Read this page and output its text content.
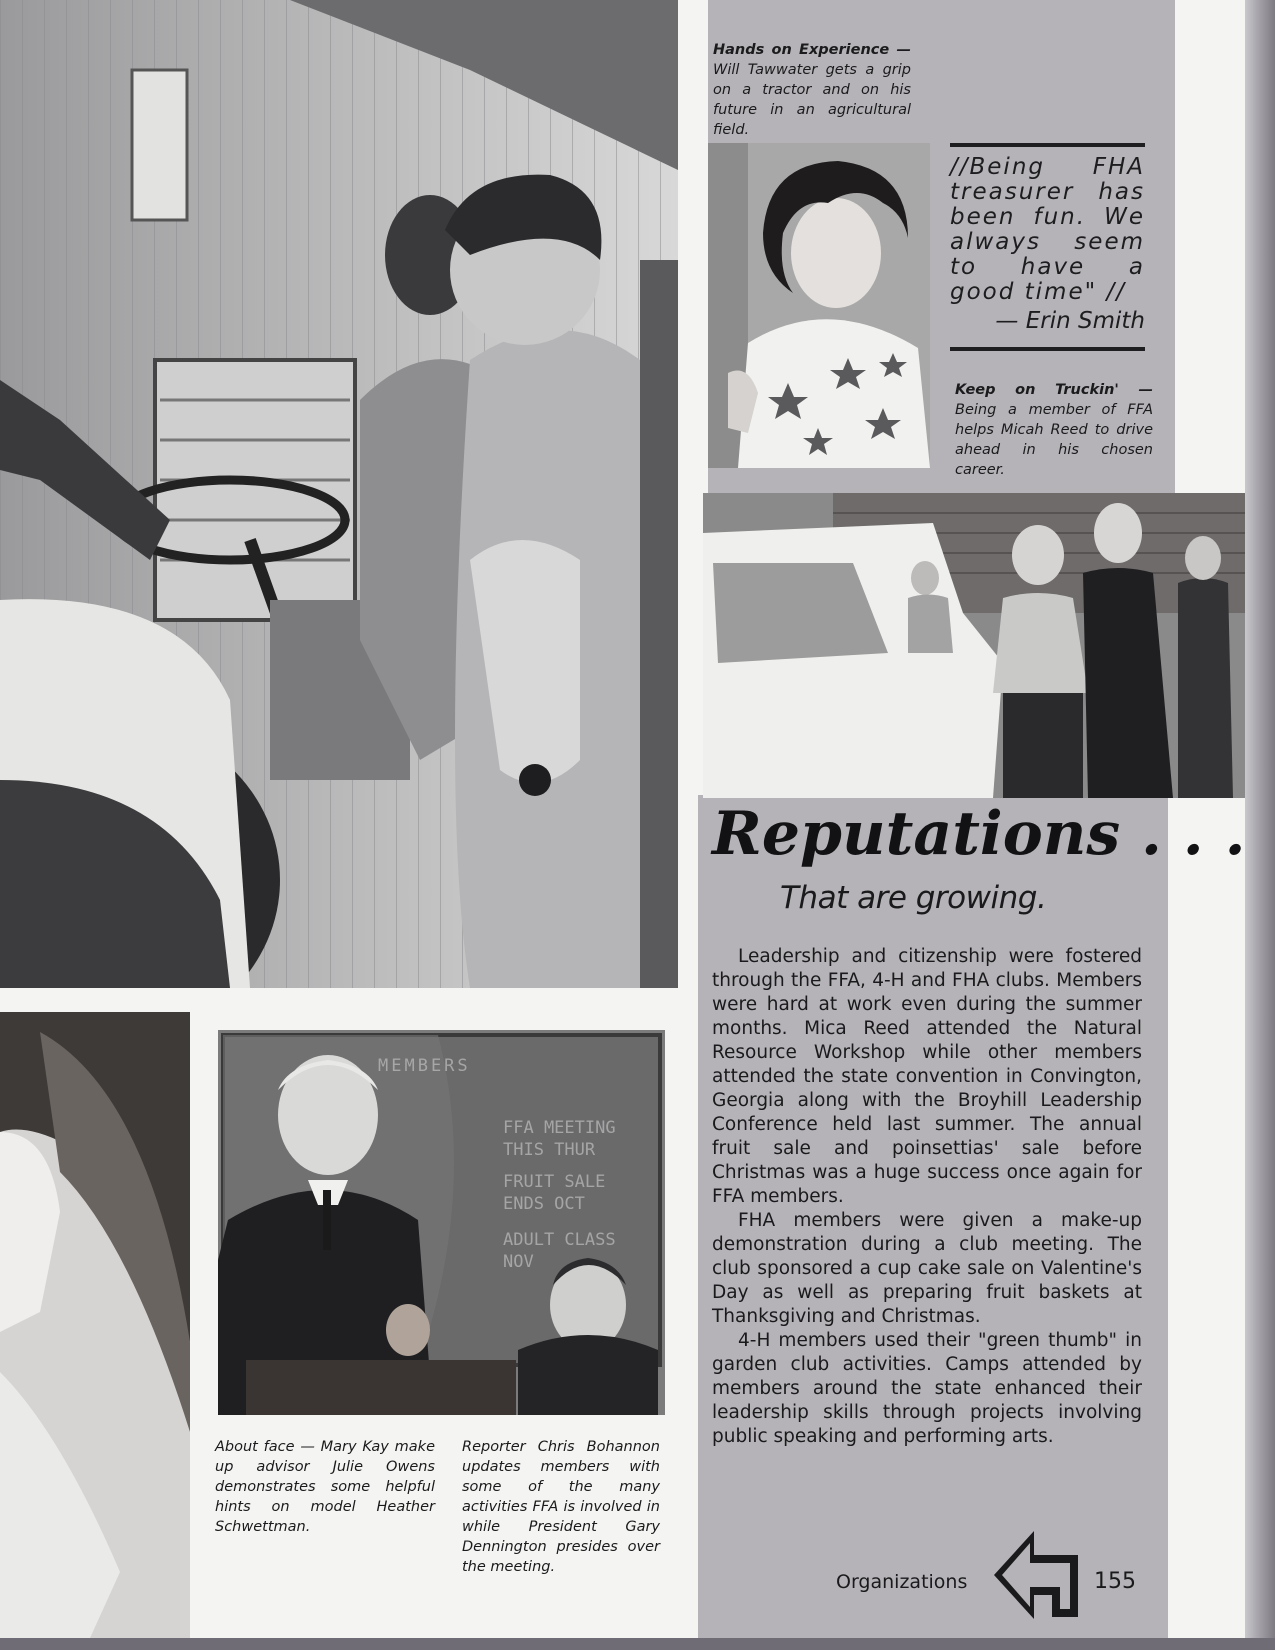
MEMBERS
FFA MEETING
THIS THUR
FRUIT SALE
ENDS OCT
ADULT CLASS
NOV
Hands on Experience — Will Tawwater gets a grip on a tractor and on his future in an agricultural field.
//Being FHA treasurer has been fun. We always seem to have a good time" //
— Erin Smith
Keep on Truckin' — Being a member of FFA helps Micah Reed to drive ahead in his chosen career.
Reputations . . .
That are growing.

Leadership and citizenship were fostered through the FFA, 4-H and FHA clubs. Members were hard at work even during the summer months. Mica Reed attended the Natural Resource Workshop while other members attended the state convention in Convington, Georgia along with the Broyhill Leadership Conference held last summer. The annual fruit sale and poinsettias' sale before Christmas was a huge success once again for FFA members.

FHA members were given a make-up demonstration during a club meeting. The club sponsored a cup cake sale on Valentine's Day as well as preparing fruit baskets at Thanksgiving and Christmas.

4-H members used their "green thumb" in garden club activities. Camps attended by members around the state enhanced their leadership skills through projects involving public speaking and performing arts.

About face — Mary Kay make up advisor Julie Owens demonstrates some helpful hints on model Heather Schwettman.
Reporter Chris Bohannon updates members with some of the many activities FFA is involved in while President Gary Dennington presides over the meeting.
Organizations	155
